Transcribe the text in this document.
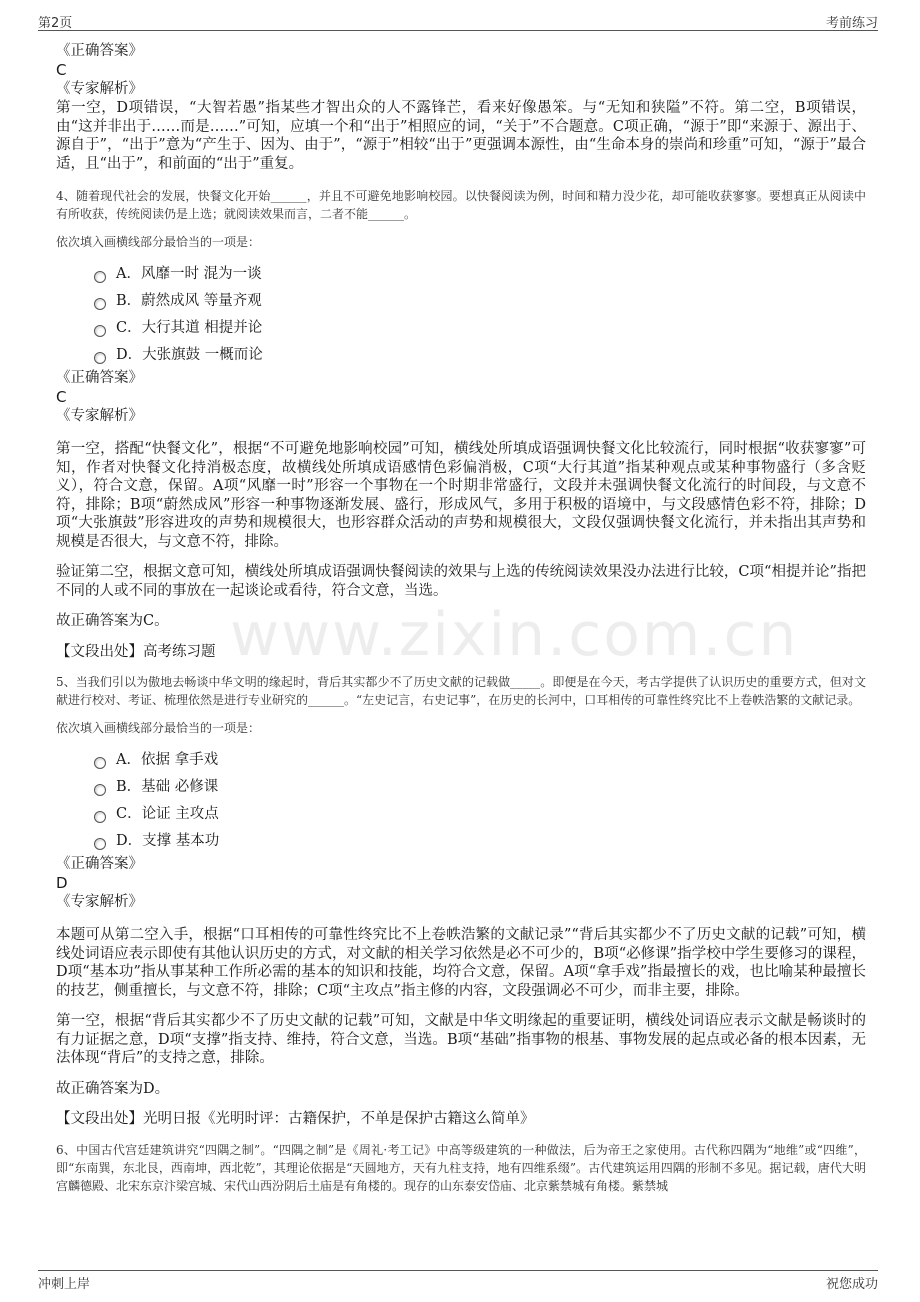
第2页	考前练习
www.zixin.com.cn
《正确答案》
C
《专家解析》
第一空，D项错误，“大智若愚”指某些才智出众的人不露锋芒，看来好像愚笨。与“无知和狭隘”不符。第二空，B项错误，由“这并非出于……而是……”可知，应填一个和“出于”相照应的词，“关于”不合题意。C项正确，“源于”即“来源于、源出于、源自于”，“出于”意为“产生于、因为、由于”，“源于”相较“出于”更强调本源性，由“生命本身的崇尚和珍重”可知，“源于”最合适，且“出于”，和前面的“出于”重复。
4、随着现代社会的发展，快餐文化开始______，并且不可避免地影响校园。以快餐阅读为例，时间和精力没少花，却可能收获寥寥。要想真正从阅读中有所收获，传统阅读仍是上选；就阅读效果而言，二者不能______。
依次填入画横线部分最恰当的一项是：
A．风靡一时 混为一谈
B．蔚然成风 等量齐观
C．大行其道 相提并论
D．大张旗鼓 一概而论
《正确答案》
C
《专家解析》
第一空，搭配“快餐文化”，根据“不可避免地影响校园”可知，横线处所填成语强调快餐文化比较流行，同时根据“收获寥寥”可知，作者对快餐文化持消极态度，故横线处所填成语感情色彩偏消极，C项“大行其道”指某种观点或某种事物盛行（多含贬义），符合文意，保留。A项“风靡一时”形容一个事物在一个时期非常盛行，文段并未强调快餐文化流行的时间段，与文意不符，排除；B项“蔚然成风”形容一种事物逐渐发展、盛行，形成风气，多用于积极的语境中，与文段感情色彩不符，排除；D项“大张旗鼓”形容进攻的声势和规模很大，也形容群众活动的声势和规模很大，文段仅强调快餐文化流行，并未指出其声势和规模是否很大，与文意不符，排除。
验证第二空，根据文意可知，横线处所填成语强调快餐阅读的效果与上选的传统阅读效果没办法进行比较，C项“相提并论”指把不同的人或不同的事放在一起谈论或看待，符合文意，当选。
故正确答案为C。
【文段出处】高考练习题
5、当我们引以为傲地去畅谈中华文明的缘起时，背后其实都少不了历史文献的记载做_____。即便是在今天，考古学提供了认识历史的重要方式，但对文献进行校对、考证、梳理依然是进行专业研究的______。“左史记言，右史记事”，在历史的长河中，口耳相传的可靠性终究比不上卷帙浩繁的文献记录。
依次填入画横线部分最恰当的一项是：
A．依据 拿手戏
B．基础 必修课
C．论证 主攻点
D．支撑 基本功
《正确答案》
D
《专家解析》
本题可从第二空入手，根据“口耳相传的可靠性终究比不上卷帙浩繁的文献记录”“背后其实都少不了历史文献的记载”可知，横线处词语应表示即使有其他认识历史的方式，对文献的相关学习依然是必不可少的，B项“必修课”指学校中学生要修习的课程，D项“基本功”指从事某种工作所必需的基本的知识和技能，均符合文意，保留。A项“拿手戏”指最擅长的戏，也比喻某种最擅长的技艺，侧重擅长，与文意不符，排除；C项“主攻点”指主修的内容，文段强调必不可少，而非主要，排除。
第一空，根据“背后其实都少不了历史文献的记载”可知，文献是中华文明缘起的重要证明，横线处词语应表示文献是畅谈时的有力证据之意，D项“支撑”指支持、维持，符合文意，当选。B项“基础”指事物的根基、事物发展的起点或必备的根本因素，无法体现“背后”的支持之意，排除。
故正确答案为D。
【文段出处】光明日报《光明时评：古籍保护，不单是保护古籍这么简单》
6、中国古代宫廷建筑讲究“四隅之制”。“四隅之制”是《周礼·考工记》中高等级建筑的一种做法，后为帝王之家使用。古代称四隅为“地维”或“四维”，即“东南巽，东北艮，西南坤，西北乾”，其理论依据是“天圆地方，天有九柱支持，地有四维系缀”。古代建筑运用四隅的形制不多见。据记载，唐代大明宫麟德殿、北宋东京汴梁宫城、宋代山西汾阴后土庙是有角楼的。现存的山东泰安岱庙、北京紫禁城有角楼。紫禁城
冲刺上岸	祝您成功
